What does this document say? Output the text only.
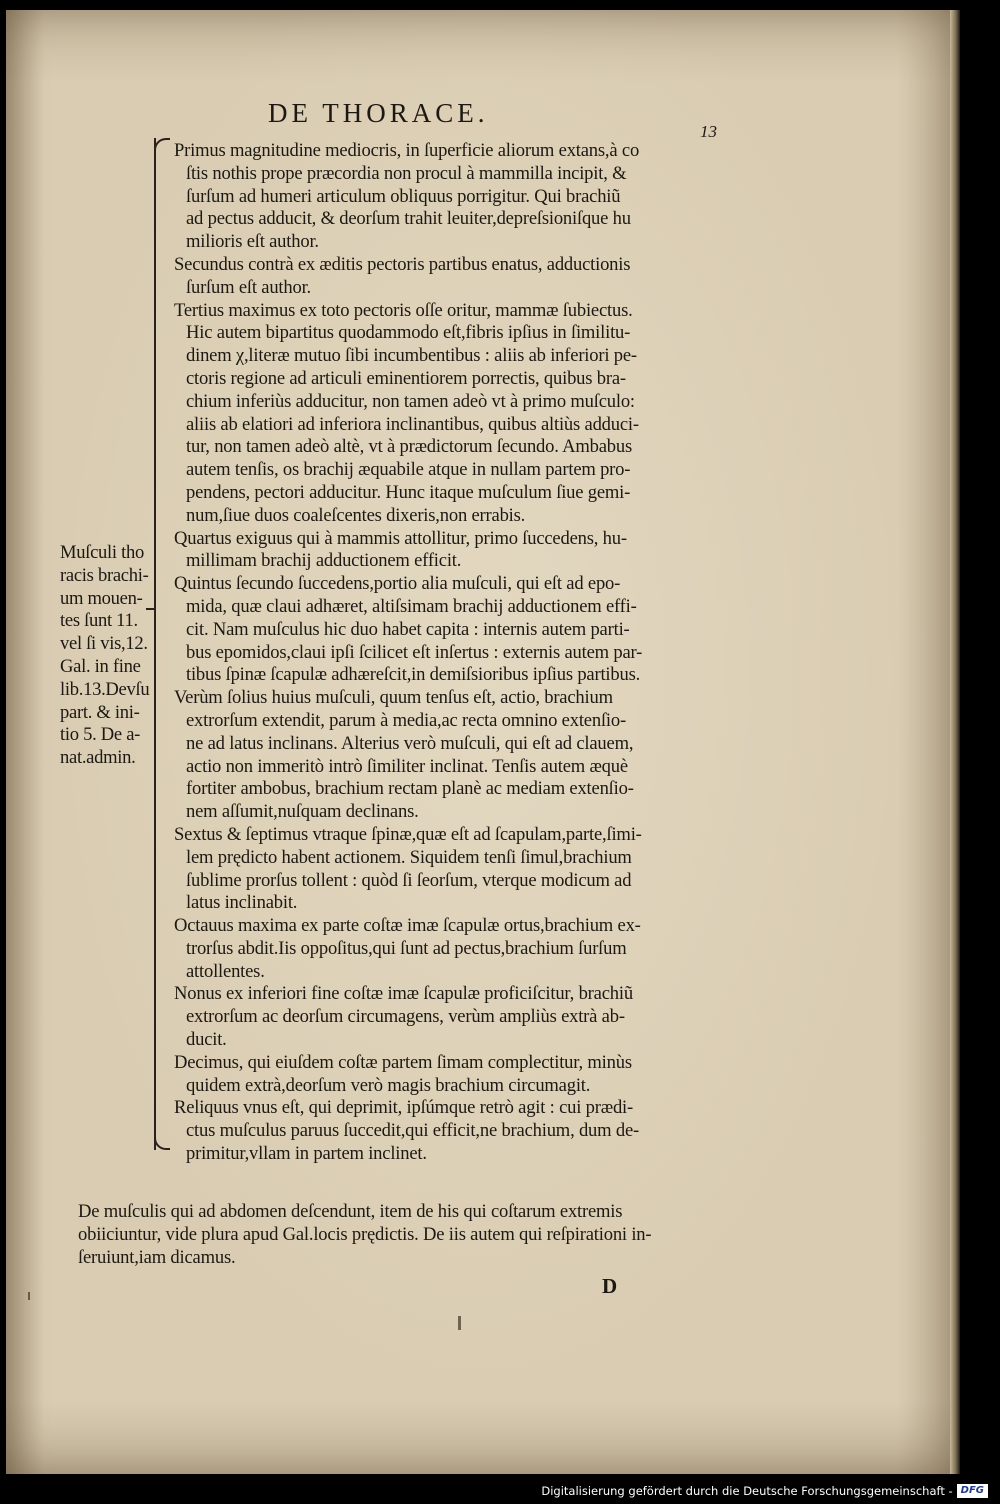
DE THORACE.
13
Muſculi tho
racis brachi-
um mouen-
tes ſunt 11.
vel ſi vis,12.
Gal. in fine
lib.13.Devſu
part. & ini-
tio 5. De a-
nat.admin.
Primus magnitudine mediocris, in ſuperficie aliorum extans,à co
ſtis nothis prope præcordia non procul à mammilla incipit, &
ſurſum ad humeri articulum obliquus porrigitur. Qui brachiũ
ad pectus adducit, & deorſum trahit leuiter,depreſsioniſque hu
milioris eſt author.
Secundus contrà ex æditis pectoris partibus enatus, adductionis
ſurſum eſt author.
Tertius maximus ex toto pectoris oſſe oritur, mammæ ſubiectus.
Hic autem bipartitus quodammodo eſt,fibris ipſius in ſimilitu-
dinem χ,literæ mutuo ſibi incumbentibus : aliis ab inferiori pe-
ctoris regione ad articuli eminentiorem porrectis, quibus bra-
chium inferiùs adducitur, non tamen adeò vt à primo muſculo:
aliis ab elatiori ad inferiora inclinantibus, quibus altiùs adduci-
tur, non tamen adeò altè, vt à prædictorum ſecundo. Ambabus
autem tenſis, os brachij æquabile atque in nullam partem pro-
pendens, pectori adducitur. Hunc itaque muſculum ſiue gemi-
num,ſiue duos coaleſcentes dixeris,non errabis.
Quartus exiguus qui à mammis attollitur, primo ſuccedens, hu-
millimam brachij adductionem efficit.
Quintus ſecundo ſuccedens,portio alia muſculi, qui eſt ad epo-
mida, quæ claui adhæret, altiſsimam brachij adductionem effi-
cit. Nam muſculus hic duo habet capita : internis autem parti-
bus epomidos,claui ipſi ſcilicet eſt inſertus : externis autem par-
tibus ſpinæ ſcapulæ adhæreſcit,in demiſsioribus ipſius partibus.
Verùm ſolius huius muſculi, quum tenſus eſt, actio, brachium
extrorſum extendit, parum à media,ac recta omnino extenſio-
ne ad latus inclinans. Alterius verò muſculi, qui eſt ad clauem,
actio non immeritò intrò ſimiliter inclinat. Tenſis autem æquè
fortiter ambobus, brachium rectam planè ac mediam extenſio-
nem aſſumit,nuſquam declinans.
Sextus & ſeptimus vtraque ſpinæ,quæ eſt ad ſcapulam,parte,ſimi-
lem prędicto habent actionem. Siquidem tenſi ſimul,brachium
ſublime prorſus tollent : quòd ſi ſeorſum, vterque modicum ad
latus inclinabit.
Octauus maxima ex parte coſtæ imæ ſcapulæ ortus,brachium ex-
trorſus abdit.Iis oppoſitus,qui ſunt ad pectus,brachium ſurſum
attollentes.
Nonus ex inferiori fine coſtæ imæ ſcapulæ proficiſcitur, brachiũ
extrorſum ac deorſum circumagens, verùm ampliùs extrà ab-
ducit.
Decimus, qui eiuſdem coſtæ partem ſimam complectitur, minùs
quidem extrà,deorſum verò magis brachium circumagit.
Reliquus vnus eſt, qui deprimit, ipſúmque retrò agit : cui prædi-
ctus muſculus paruus ſuccedit,qui efficit,ne brachium, dum de-
primitur,vllam in partem inclinet.
De muſculis qui ad abdomen deſcendunt, item de his qui coſtarum extremis
obiiciuntur, vide plura apud Gal.locis prędictis. De iis autem qui reſpirationi in-
ſeruiunt,iam dicamus.
D
Digitalisierung gefördert durch die Deutsche Forschungsgemeinschaft - DFG
